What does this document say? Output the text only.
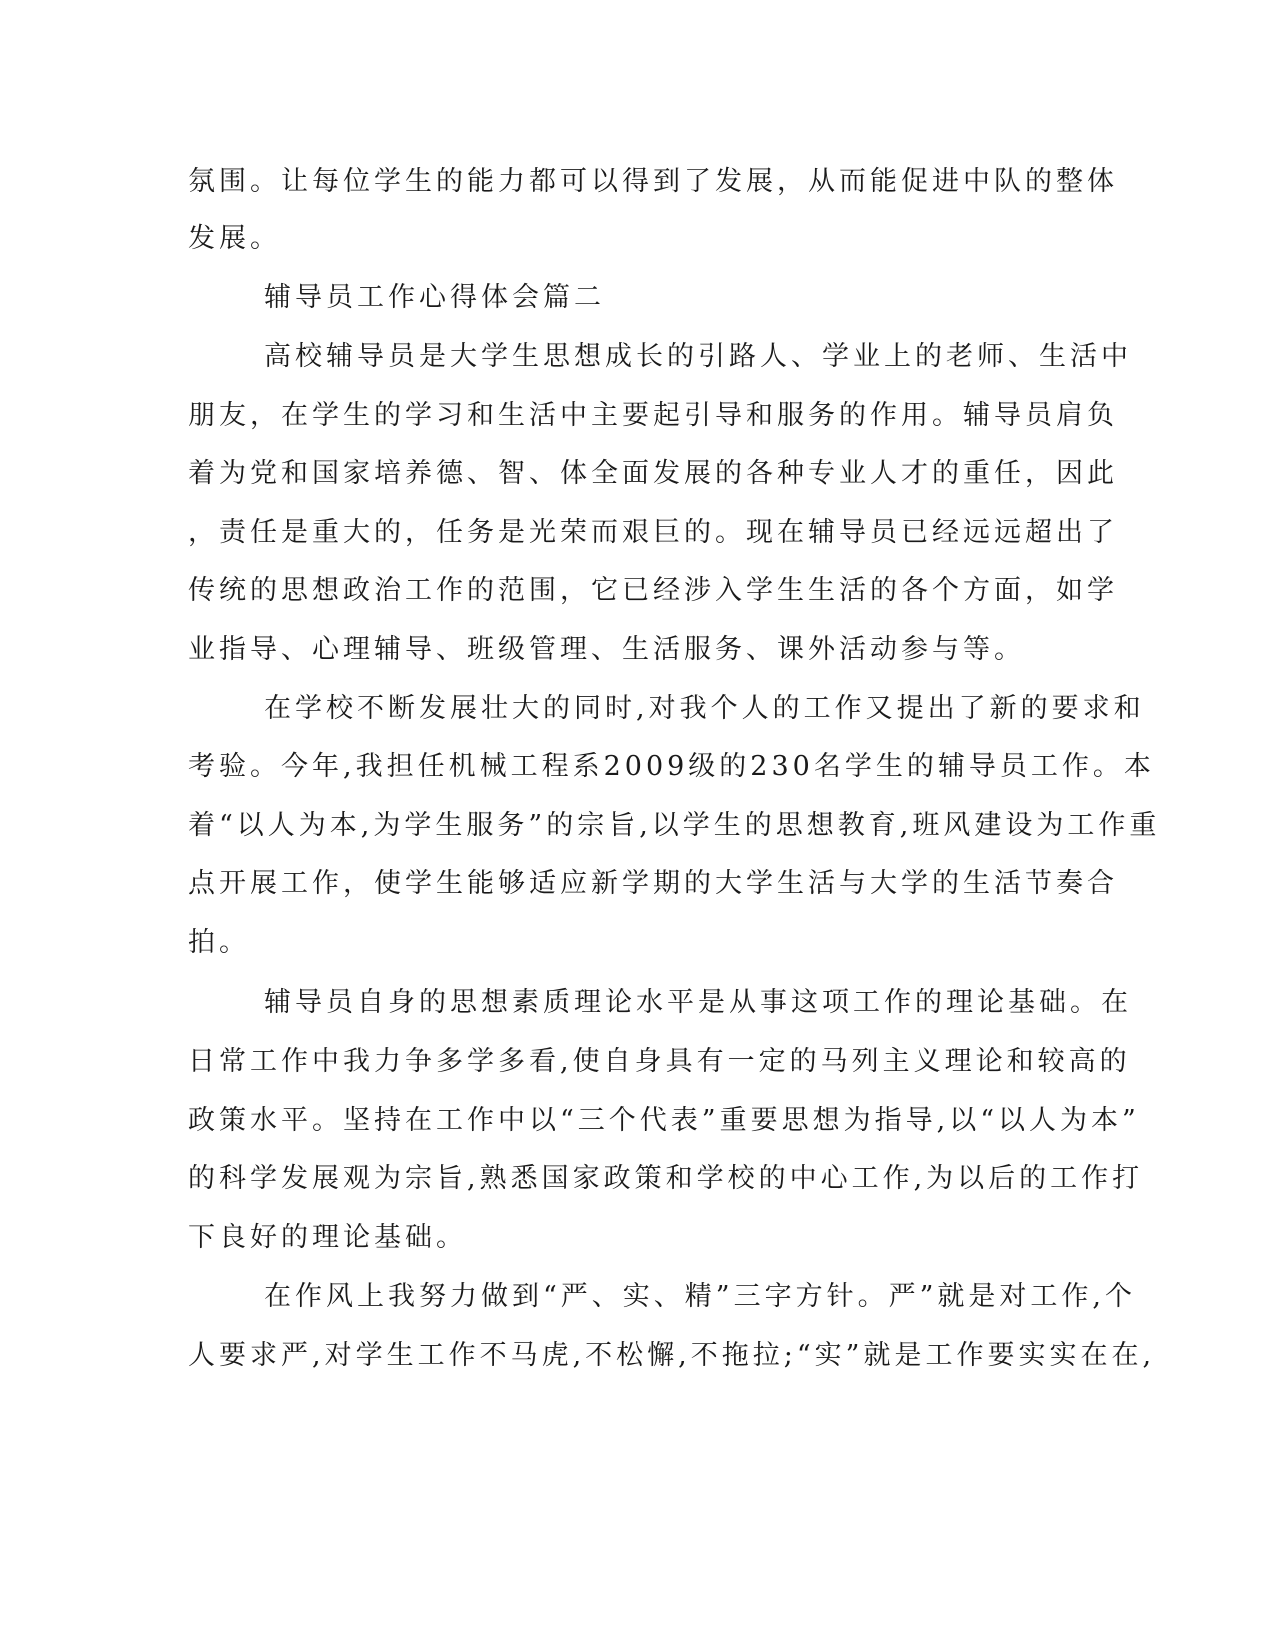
氛围。让每位学生的能力都可以得到了发展，从而能促进中队的整体
发展。
辅导员工作心得体会篇二
高校辅导员是大学生思想成长的引路人、学业上的老师、生活中
朋友，在学生的学习和生活中主要起引导和服务的作用。辅导员肩负
着为党和国家培养德、智、体全面发展的各种专业人才的重任，因此
，责任是重大的，任务是光荣而艰巨的。现在辅导员已经远远超出了
传统的思想政治工作的范围，它已经涉入学生生活的各个方面，如学
业指导、心理辅导、班级管理、生活服务、课外活动参与等。
在学校不断发展壮大的同时,对我个人的工作又提出了新的要求和
考验。今年,我担任机械工程系2009级的230名学生的辅导员工作。本
着“以人为本,为学生服务”的宗旨,以学生的思想教育,班风建设为工作重
点开展工作，使学生能够适应新学期的大学生活与大学的生活节奏合
拍。
辅导员自身的思想素质理论水平是从事这项工作的理论基础。在
日常工作中我力争多学多看,使自身具有一定的马列主义理论和较高的
政策水平。坚持在工作中以“三个代表”重要思想为指导,以“以人为本”
的科学发展观为宗旨,熟悉国家政策和学校的中心工作,为以后的工作打
下良好的理论基础。
在作风上我努力做到“严、实、精”三字方针。严”就是对工作,个
人要求严,对学生工作不马虎,不松懈,不拖拉;“实”就是工作要实实在在,
